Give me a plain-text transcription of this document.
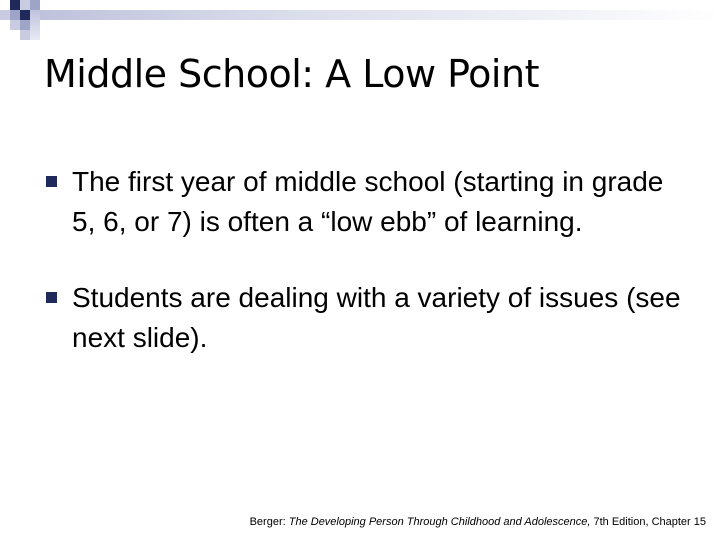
Middle School: A Low Point
The first year of middle school (starting in grade 5, 6, or 7) is often a “low ebb” of learning.
Students are dealing with a variety of issues (see next slide).
Berger: The Developing Person Through Childhood and Adolescence, 7th Edition, Chapter 15
